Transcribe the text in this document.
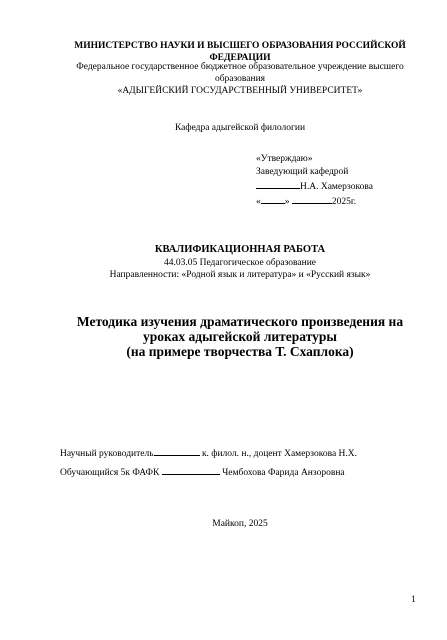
МИНИСТЕРСТВО НАУКИ И ВЫСШЕГО ОБРАЗОВАНИЯ РОССИЙСКОЙ ФЕДЕРАЦИИ
Федеральное государственное бюджетное образовательное учреждение высшего образования
«АДЫГЕЙСКИЙ ГОСУДАРСТВЕННЫЙ УНИВЕРСИТЕТ»
Кафедра адыгейской филологии
«Утверждаю»
Заведующий кафедрой
Н.А. Хамерзокова
«	»	2025г.
КВАЛИФИКАЦИОННАЯ РАБОТА
44.03.05 Педагогическое образование
Направленности: «Родной язык и литература» и «Русский язык»
Методика изучения драматического произведения на
уроках адыгейской литературы
(на примере творчества Т. Схаплока)
Научный руководитель	к. филол. н., доцент Хамерзокова Н.Х.
Обучающийся 5к ФАФК	Чембохова Фарида Анзоровна
Майкоп, 2025
1
